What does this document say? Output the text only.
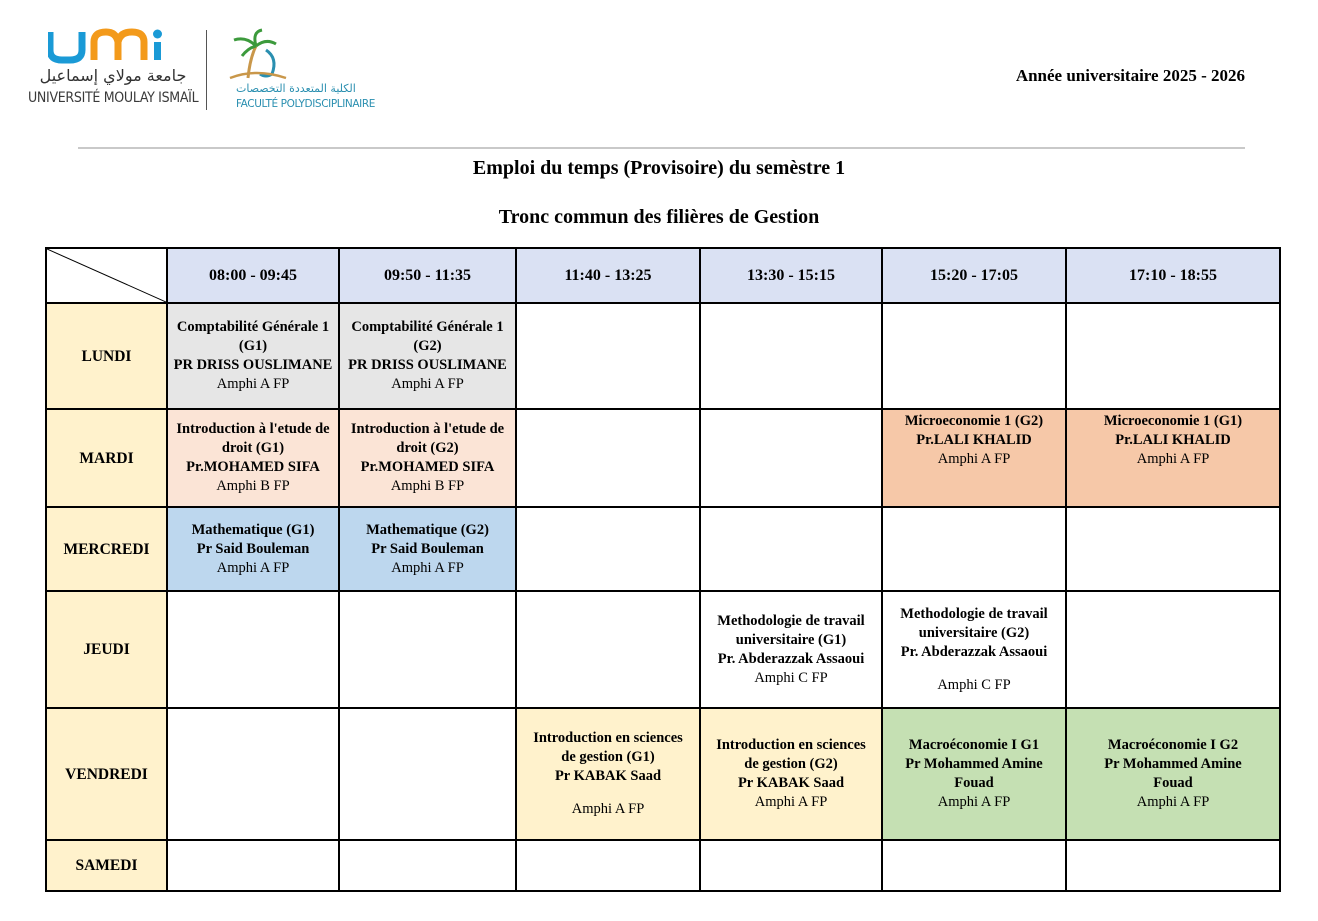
جامعة مولاي إسماعيل
UNIVERSITÉ MOULAY ISMAÏL
الكلية المتعددة التخصصات
FACULTÉ POLYDISCIPLINAIRE
Année universitaire 2025 - 2026
Emploi du temps (Provisoire) du semèstre 1
Tronc commun des filières de Gestion
	08:00 - 09:45	09:50 - 11:35	11:40 - 13:25	13:30 - 15:15	15:20 - 17:05	17:10 - 18:55
LUNDI	Comptabilité Générale 1 (G1)
PR DRISS OUSLIMANE
Amphi A FP	Comptabilité Générale 1 (G2)
PR DRISS OUSLIMANE
Amphi A FP				

MARDI	Introduction à l'etude de droit (G1)
Pr.MOHAMED SIFA
Amphi B FP	Introduction à l'etude de droit (G2)
Pr.MOHAMED SIFA
Amphi B FP			Microeconomie 1 (G2)
Pr.LALI KHALID
Amphi A FP	Microeconomie 1 (G1)
Pr.LALI KHALID
Amphi A FP

MERCREDI	Mathematique (G1)
Pr Said Bouleman
Amphi A FP	Mathematique (G2)
Pr Said Bouleman
Amphi A FP				

JEUDI				Methodologie de travail universitaire (G1)
Pr. Abderazzak Assaoui
Amphi C FP	Methodologie de travail universitaire (G2)
Pr. Abderazzak Assaoui
Amphi C FP	

VENDREDI			Introduction en sciences de gestion (G1)
Pr KABAK Saad
Amphi A FP	Introduction en sciences de gestion (G2)
Pr KABAK Saad
Amphi A FP	Macroéconomie I G1
Pr Mohammed Amine Fouad
Amphi A FP	Macroéconomie I G2
Pr Mohammed Amine Fouad
Amphi A FP

SAMEDI						
